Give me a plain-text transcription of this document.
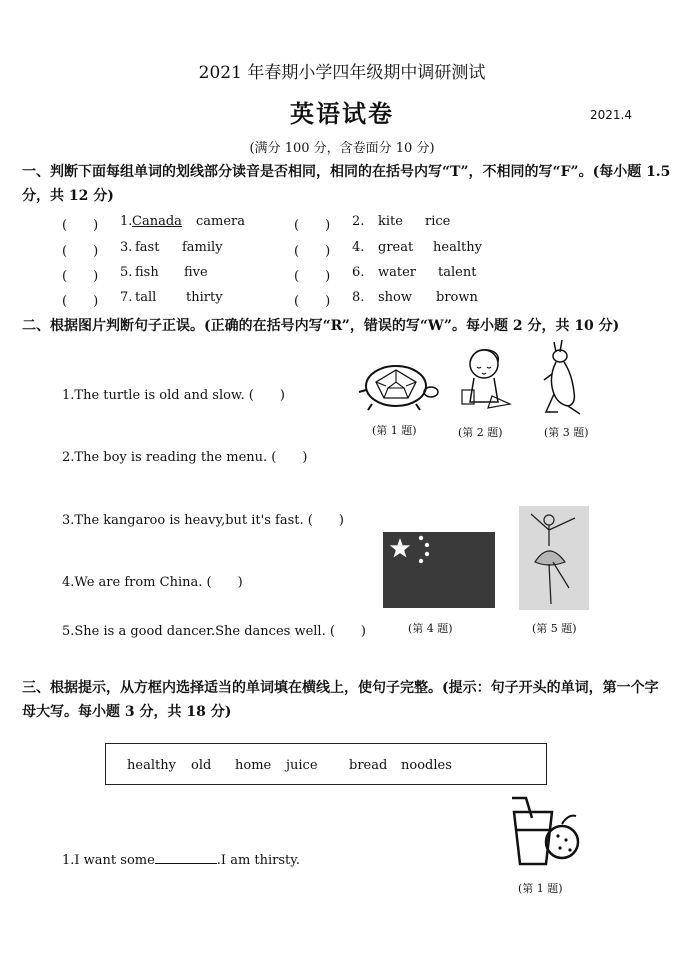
2021 年春期小学四年级期中调研测试
英语试卷	2021.4
(满分 100 分，含卷面分 10 分)
一、判断下面每组单词的划线部分读音是否相同，相同的在括号内写“T”，不相同的写“F”。(每小题 1.5 分，共 12 分)
(　　) 1. Canada camera	(　　) 2. kite rice
(　　) 3. fast family	(　　) 4. great healthy
(　　) 5. fish five	(　　) 6. water talent
(　　) 7. tall thirty	(　　) 8. show brown
二、根据图片判断句子正误。(正确的在括号内写“R”，错误的写“W”。每小题 2 分，共 10 分)
1.The turtle is old and slow. (　　)
2.The boy is reading the menu. (　　)
3.The kangaroo is heavy,but it's fast. (　　)
4.We are from China. (　　)
5.She is a good dancer.She dances well. (　　)
(第 1 题)	(第 2 题)	(第 3 题)
(第 4 题)	(第 5 题)
三、根据提示，从方框内选择适当的单词填在横线上，使句子完整。(提示：句子开头的单词，第一个字母大写。每小题 3 分，共 18 分)
healthy old home juice bread noodles
1.I want some	.I am thirsty.
(第 1 题)
